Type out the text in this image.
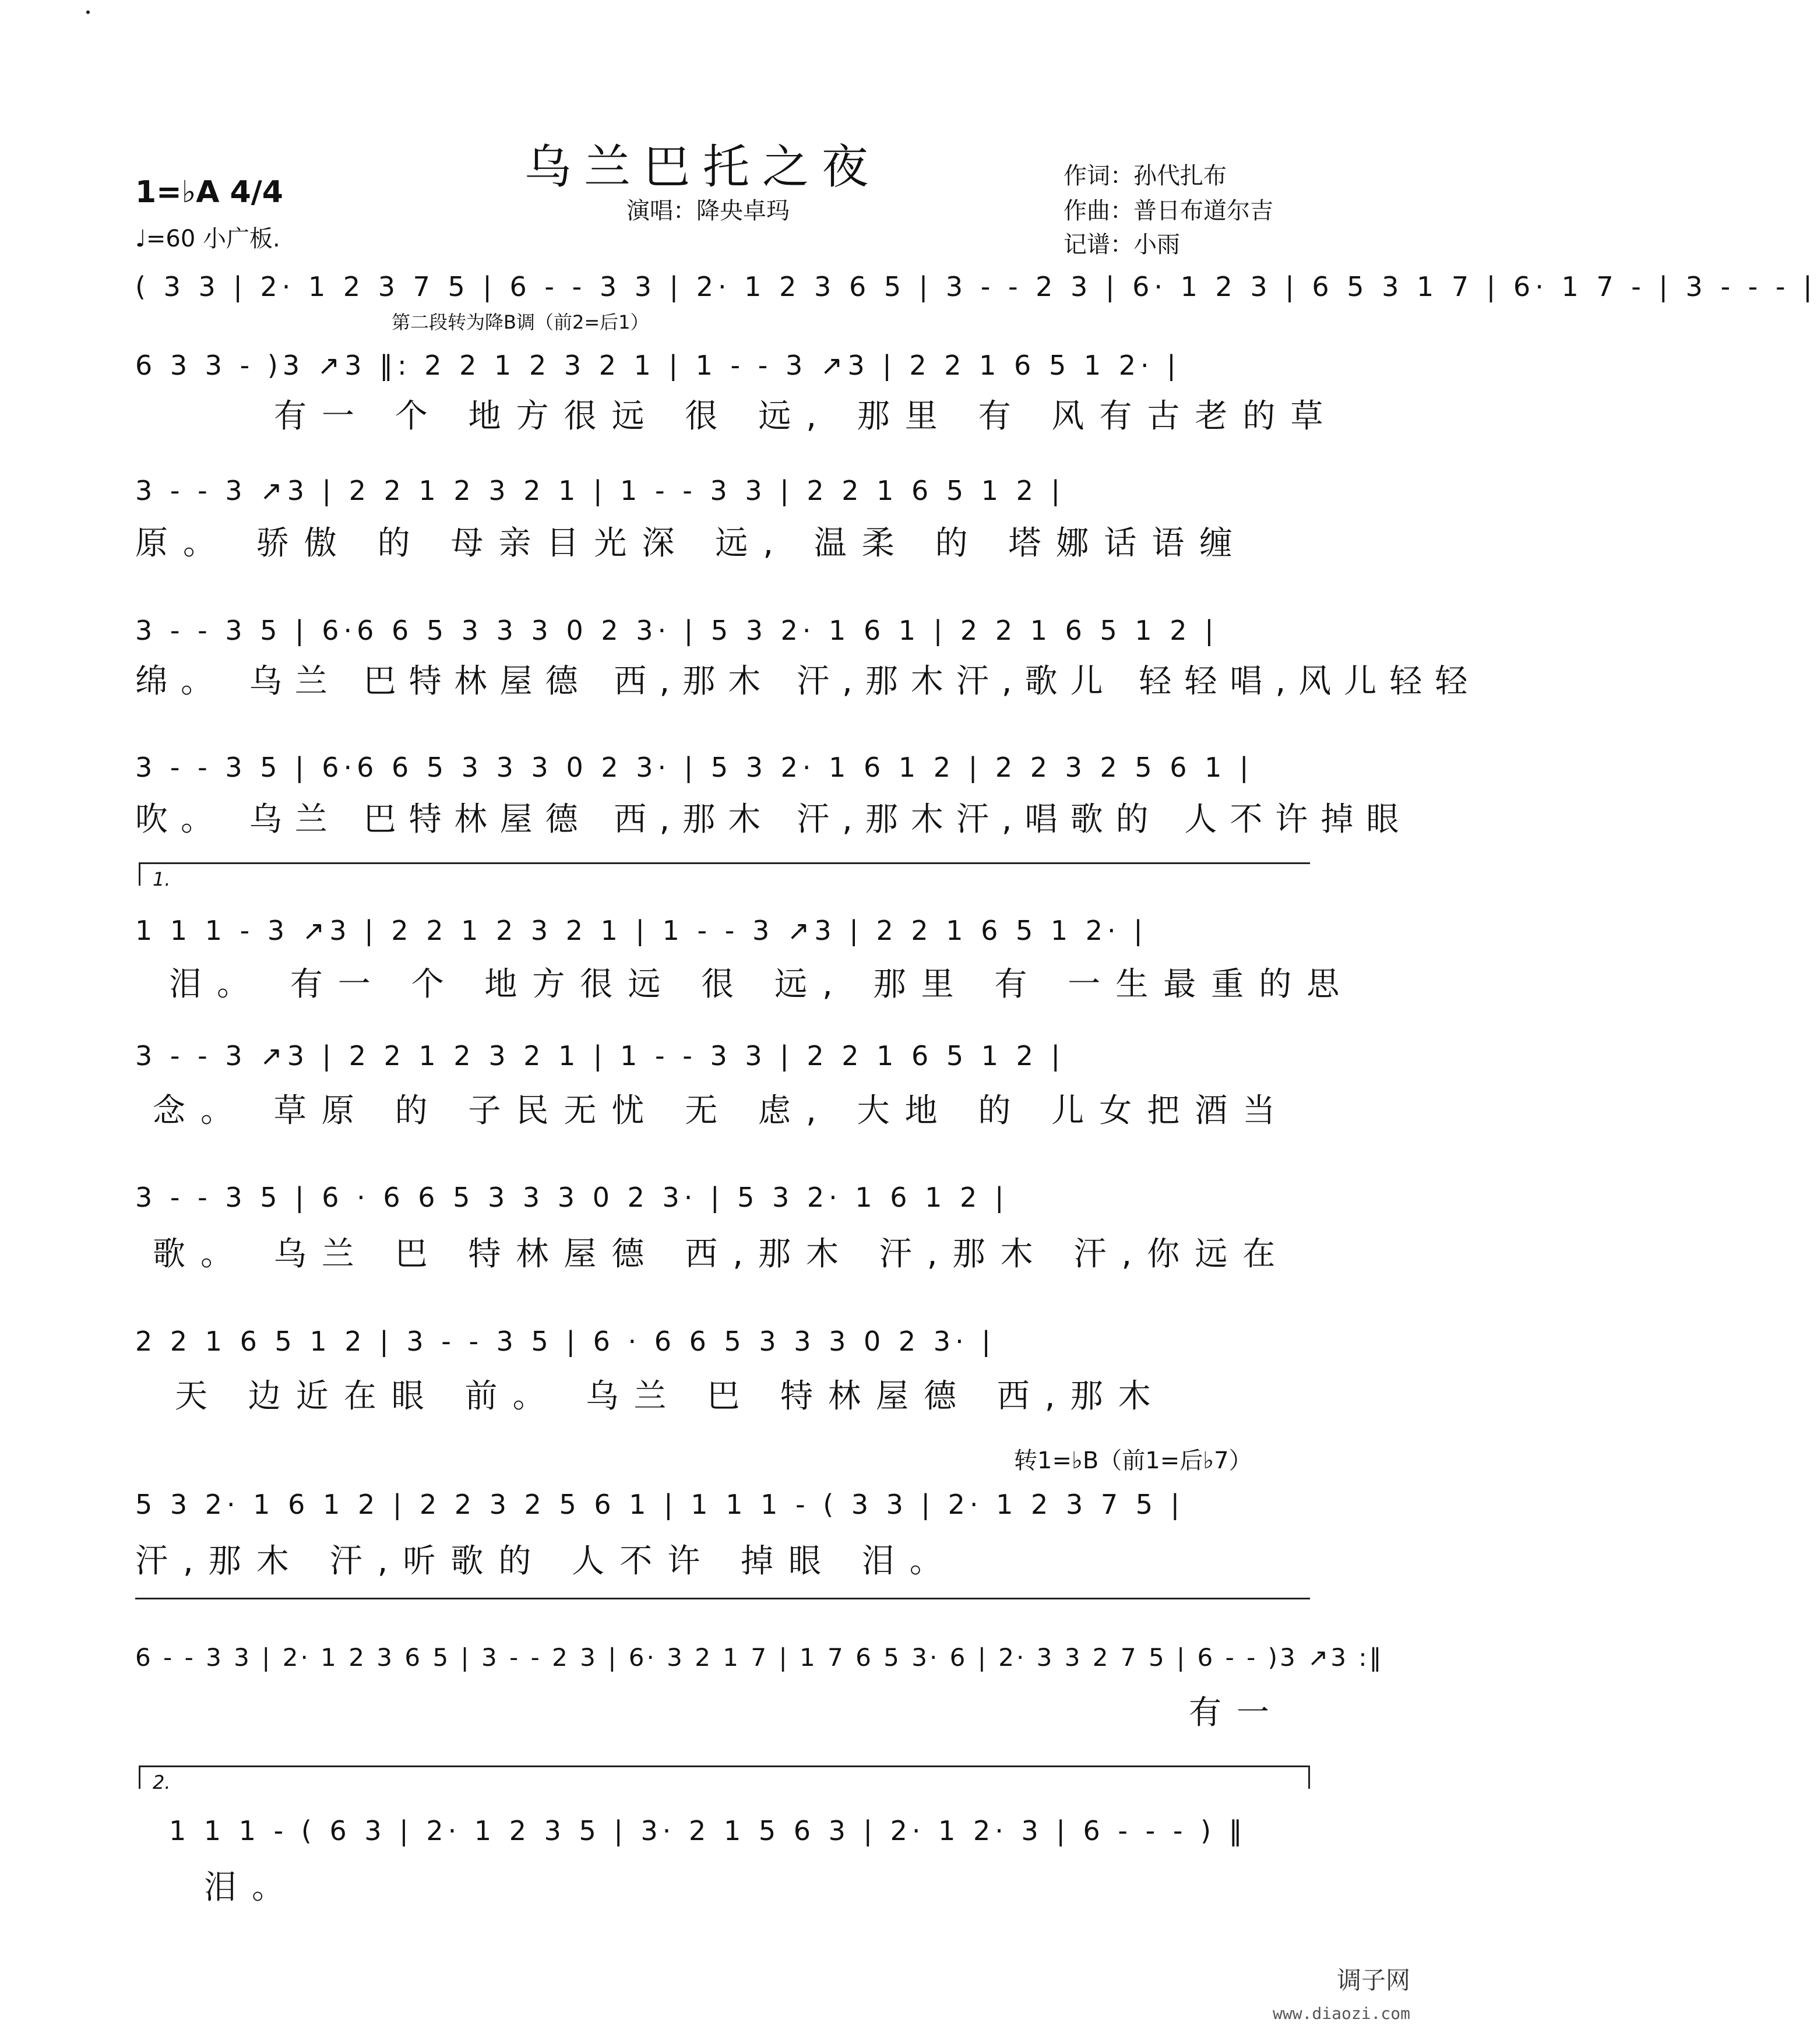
乌兰巴托之夜
演唱：降央卓玛
作词：孙代扎布
作曲：普日布道尔吉
记谱：小雨
1=♭A 4/4
♩=60 小广板.
第二段转为降B调（前2=后1）
( 3 3 | 2· 1 2 3 7 5 | 6 - - 3 3 | 2· 1 2 3 6 5 | 3 - - 2 3 | 6· 1 2 3 | 6 5 3 1 7 | 6· 1 7 - | 3 - - - |
6 3 3 - )3 ↗3 ‖: 2 2 1 2 3 2 1 | 1 - - 3 ↗3 | 2 2 1 6 5 1 2· |
有一 个 地方很远 很 远, 那里 有 风有古老的草
3 - - 3 ↗3 | 2 2 1 2 3 2 1 | 1 - - 3 3 | 2 2 1 6 5 1 2 |
原。 骄傲 的 母亲目光深 远, 温柔 的 塔娜话语缠
3 - - 3 5 | 6·6 6 5 3 3 3 0 2 3· | 5 3 2· 1 6 1 | 2 2 1 6 5 1 2 |
绵。 乌兰 巴特林屋德 西,那木 汗,那木汗,歌儿 轻轻唱,风儿轻轻
3 - - 3 5 | 6·6 6 5 3 3 3 0 2 3· | 5 3 2· 1 6 1 2 | 2 2 3 2 5 6 1 |
吹。 乌兰 巴特林屋德 西,那木 汗,那木汗,唱歌的 人不许掉眼
1.
1 1 1 - 3 ↗3 | 2 2 1 2 3 2 1 | 1 - - 3 ↗3 | 2 2 1 6 5 1 2· |
泪。 有一 个 地方很远 很 远, 那里 有 一生最重的思
3 - - 3 ↗3 | 2 2 1 2 3 2 1 | 1 - - 3 3 | 2 2 1 6 5 1 2 |
念。 草原 的 子民无忧 无 虑, 大地 的 儿女把酒当
3 - - 3 5 | 6 · 6 6 5 3 3 3 0 2 3· | 5 3 2· 1 6 1 2 |
歌。 乌兰 巴 特林屋德 西,那木 汗,那木 汗,你远在
2 2 1 6 5 1 2 | 3 - - 3 5 | 6 · 6 6 5 3 3 3 0 2 3· |
天 边近在眼 前。 乌兰 巴 特林屋德 西,那木
转1=♭B（前1=后♭7）
5 3 2· 1 6 1 2 | 2 2 3 2 5 6 1 | 1 1 1 - ( 3 3 | 2· 1 2 3 7 5 |
汗,那木 汗,听歌的 人不许 掉眼 泪。
6 - - 3 3 | 2· 1 2 3 6 5 | 3 - - 2 3 | 6· 3 2 1 7 | 1 7 6 5 3· 6 | 2· 3 3 2 7 5 | 6 - - )3 ↗3 :‖
有一
2.
1 1 1 - ( 6 3 | 2· 1 2 3 5 | 3· 2 1 5 6 3 | 2· 1 2· 3 | 6 - - - ) ‖
泪。
调子网
www.diaozi.com
